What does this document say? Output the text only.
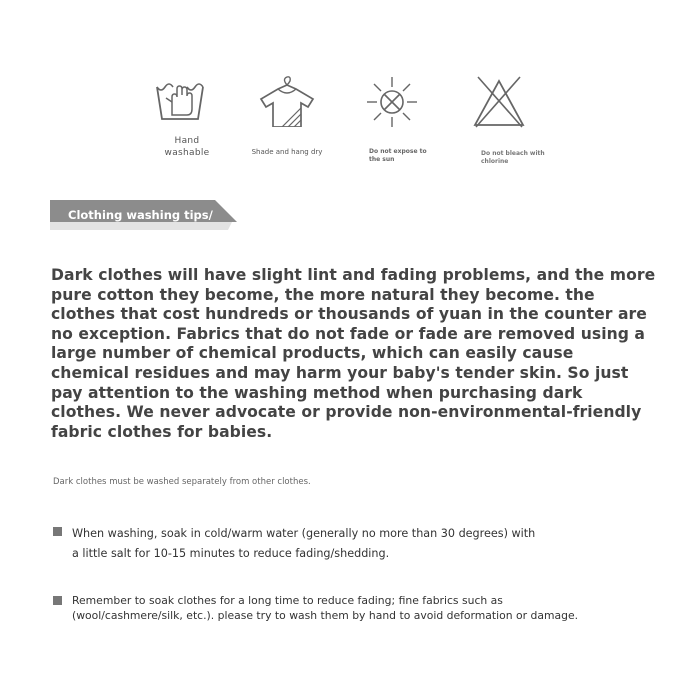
Hand washable	Shade and hang dry	Do not expose to the sun
Do not bleach with chlorine
Clothing washing tips/
Dark clothes will have slight lint and fading problems, and the more pure cotton they become, the more natural they become. the clothes that cost hundreds or thousands of yuan in the counter are no exception. Fabrics that do not fade or fade are removed using a large number of chemical products, which can easily cause chemical residues and may harm your baby's tender skin. So just pay attention to the washing method when purchasing dark clothes. We never advocate or provide non-environmental-friendly fabric clothes for babies.
Dark clothes must be washed separately from other clothes.
When washing, soak in cold/warm water (generally no more than 30 degrees) with a little salt for 10-15 minutes to reduce fading/shedding.
Remember to soak clothes for a long time to reduce fading; fine fabrics such as (wool/cashmere/silk, etc.). please try to wash them by hand to avoid deformation or damage.
